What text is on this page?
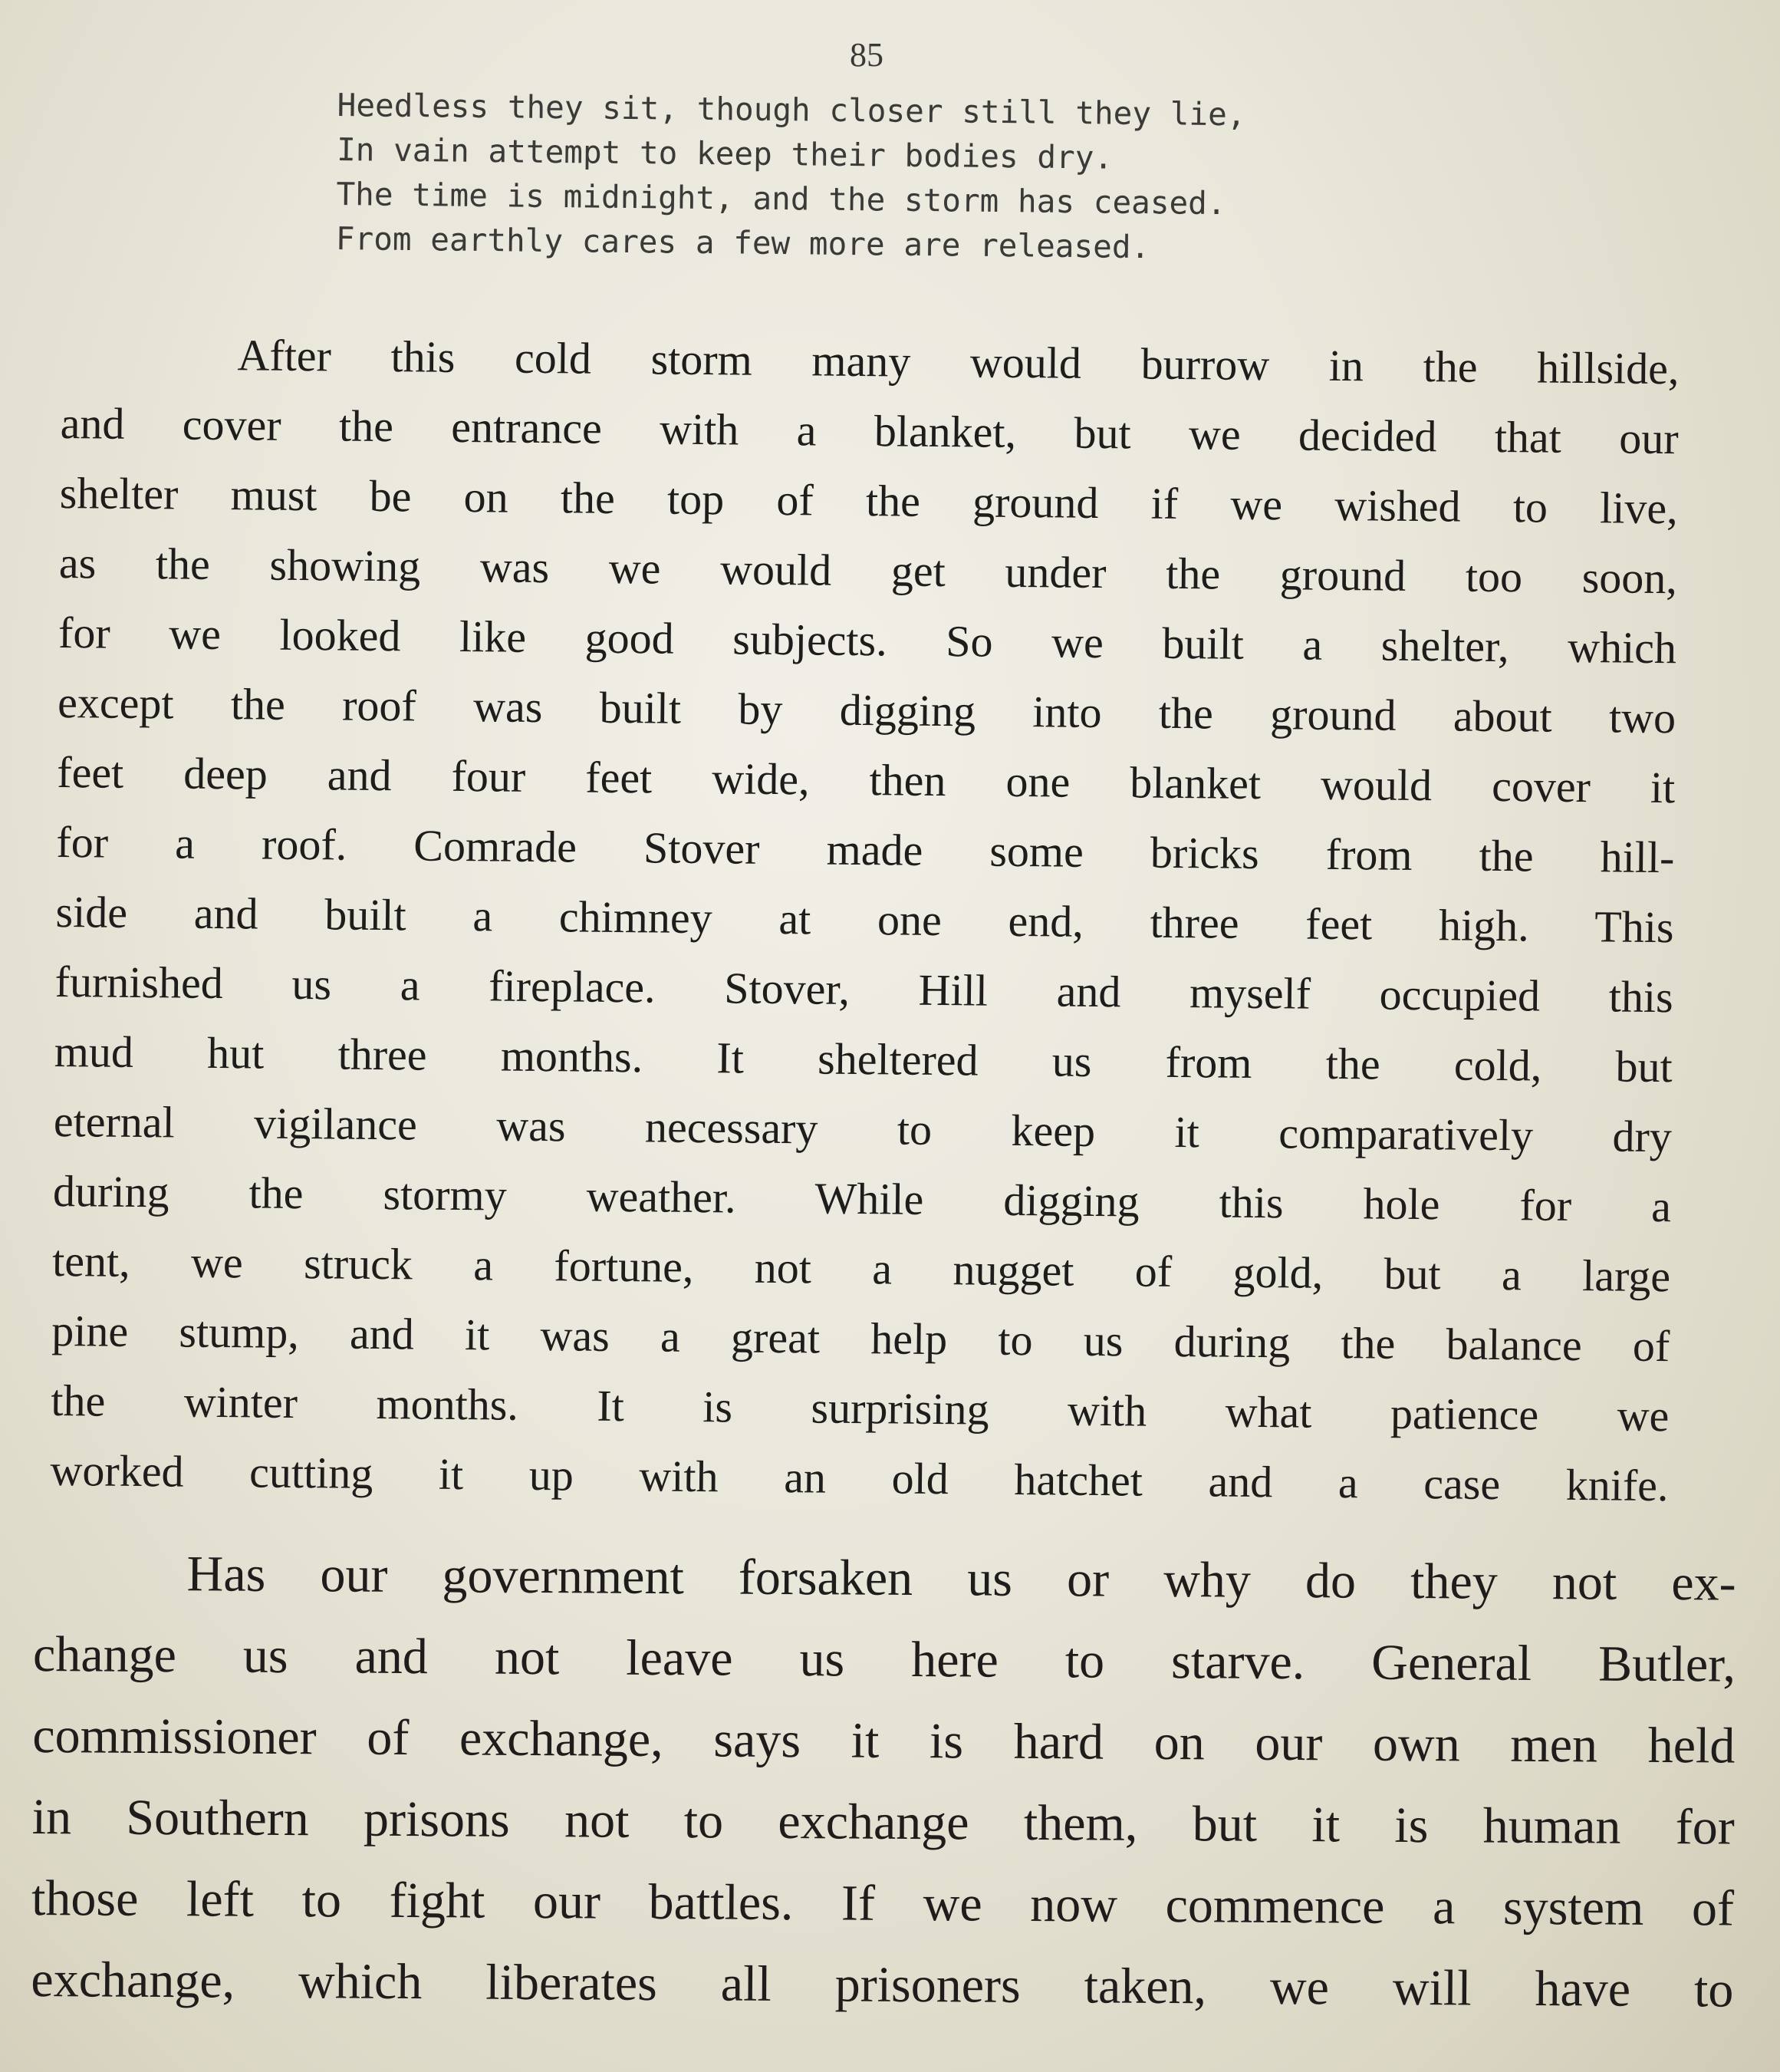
85
Heedless they sit, though closer still they lie,
In vain attempt to keep their bodies dry.
The time is midnight, and the storm has ceased.
From earthly cares a few more are released.
After this cold storm many would burrow in the hillside,
and cover the entrance with a blanket, but we decided that our
shelter must be on the top of the ground if we wished to live,
as the showing was we would get under the ground too soon,
for we looked like good subjects. So we built a shelter, which
except the roof was built by digging into the ground about two
feet deep and four feet wide, then one blanket would cover it
for a roof. Comrade Stover made some bricks from the hill-
side and built a chimney at one end, three feet high. This
furnished us a fireplace. Stover, Hill and myself occupied this
mud hut three months. It sheltered us from the cold, but
eternal vigilance was necessary to keep it comparatively dry
during the stormy weather. While digging this hole for a
tent, we struck a fortune, not a nugget of gold, but a large
pine stump, and it was a great help to us during the balance of
the winter months. It is surprising with what patience we
worked cutting it up with an old hatchet and a case knife.
Has our government forsaken us or why do they not ex-
change us and not leave us here to starve. General Butler,
commissioner of exchange, says it is hard on our own men held
in Southern prisons not to exchange them, but it is human for
those left to fight our battles. If we now commence a system of
exchange, which liberates all prisoners taken, we will have to
